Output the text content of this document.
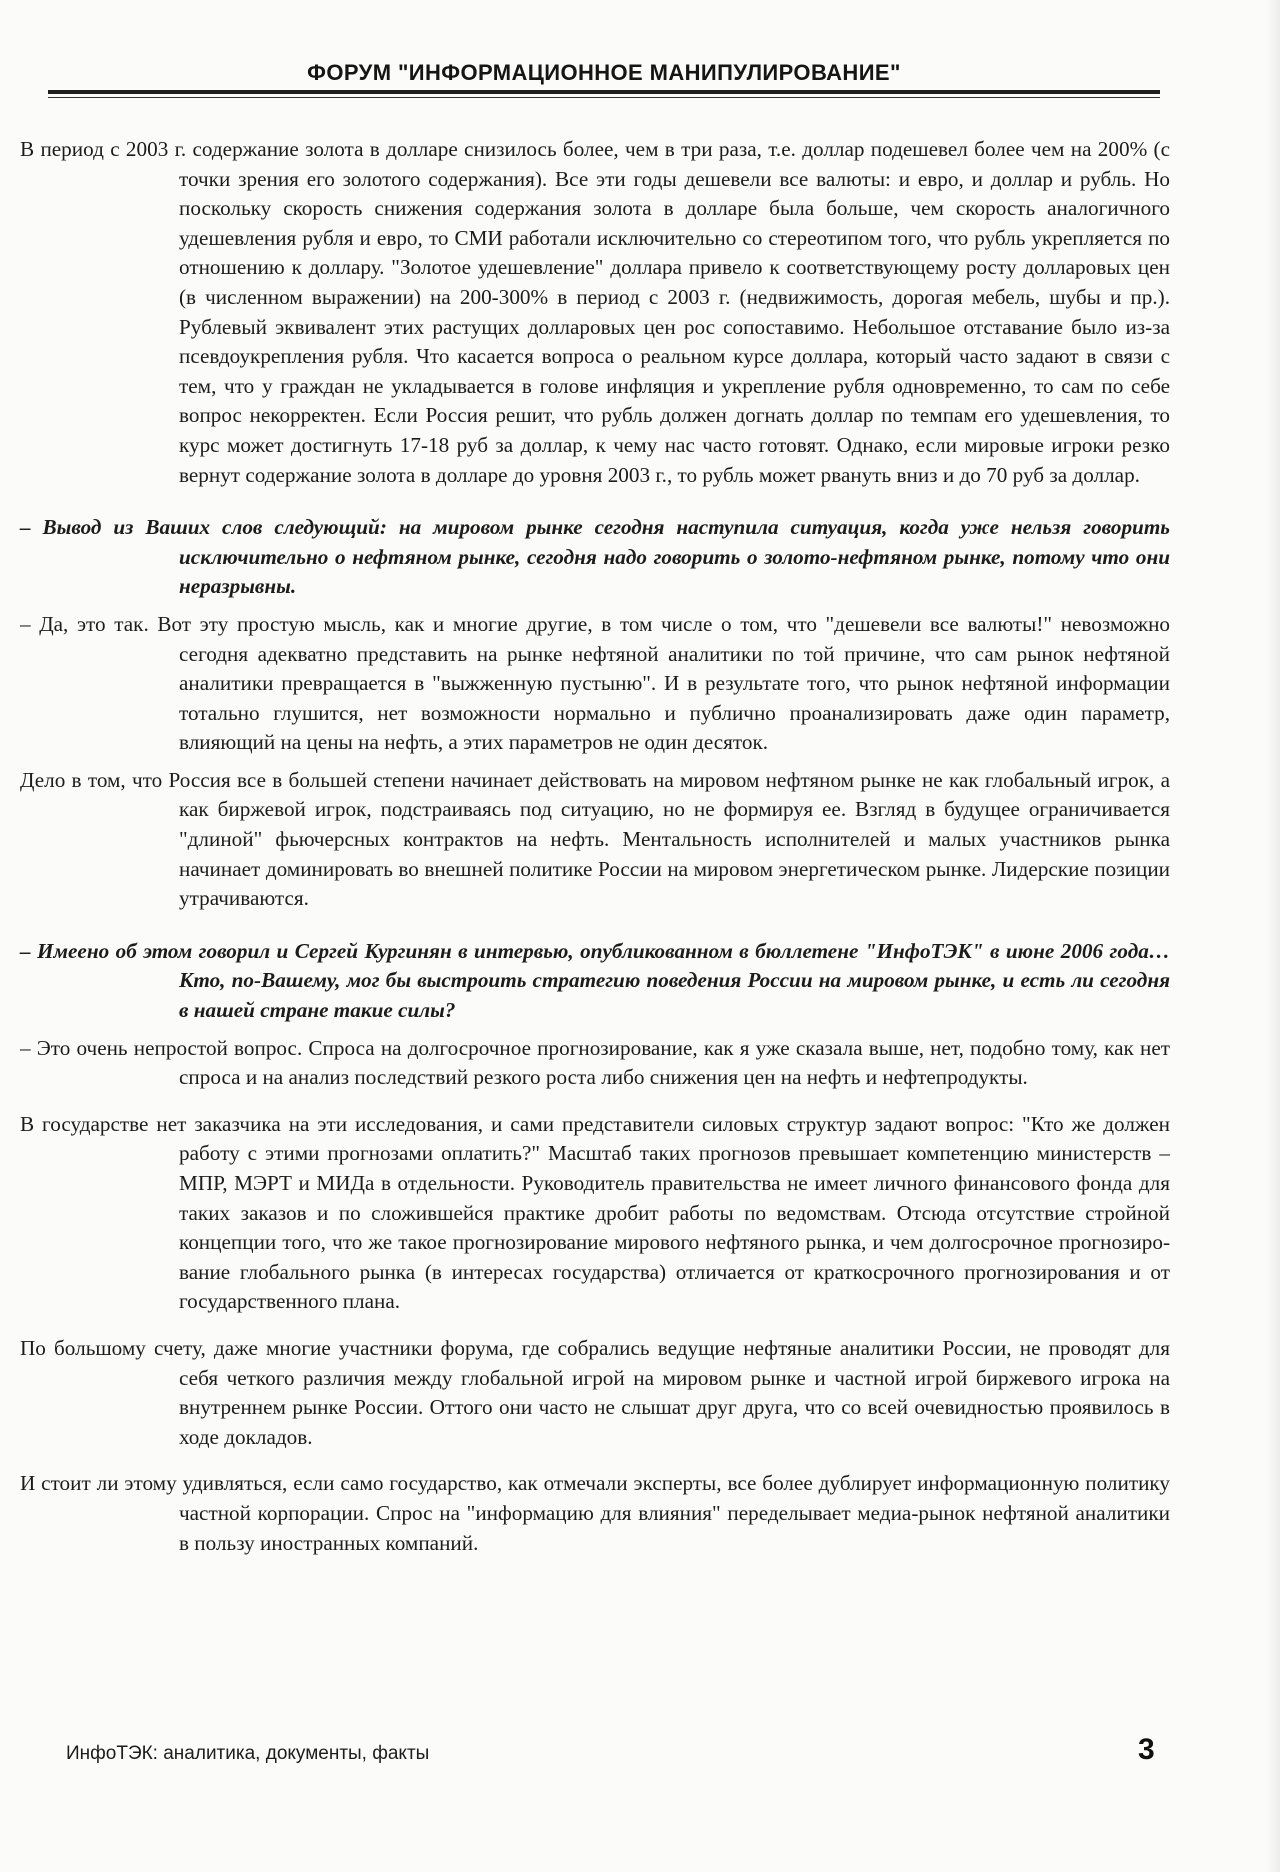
ФОРУМ "ИНФОРМАЦИОННОЕ МАНИПУЛИРОВАНИЕ"

В период с 2003 г. содержание золота в долларе снизилось более, чем в три раза, т.е. доллар подешевел более чем на 200% (с точки зрения его золотого содержания). Все эти годы дешевели все валюты: и евро, и доллар и рубль. Но поскольку скорость снижения содержания золота в долларе была больше, чем скорость аналогичного удешевления рубля и евро, то СМИ работали исключительно со стереотипом того, что рубль укрепляется по отношению к доллару. "Золотое удешевление" доллара привело к соответствующему росту долларовых цен (в численном выражении) на 200-300% в период с 2003 г. (недвижимость, дорогая мебель, шубы и пр.). Рублевый эквивалент этих растущих долларовых цен рос сопоставимо. Небольшое отставание было из-за псевдоукрепления рубля. Что касается вопроса о реальном курсе доллара, который часто задают в связи с тем, что у граждан не укладывается в голове инфляция и укрепление рубля одновременно, то сам по себе вопрос некорректен. Если Россия решит, что рубль должен догнать доллар по темпам его удешевления, то курс может достигнуть 17-18 руб за доллар, к чему нас часто готовят. Однако, если мировые игроки резко вернут содержание золота в долларе до уровня 2003 г., то рубль может рвануть вниз и до 70 руб за доллар.

– Вывод из Ваших слов следующий: на мировом рынке сегодня наступила ситуация, когда уже нельзя говорить исключительно о нефтяном рынке, сегодня надо говорить о золото-нефтяном рынке, потому что они неразрывны.

– Да, это так. Вот эту простую мысль, как и многие другие, в том числе о том, что "дешевели все валюты!" невозможно сегодня адекватно представить на рынке нефтяной аналитики по той причине, что сам рынок нефтяной аналитики превращается в "выжженную пустыню". И в результате того, что рынок нефтяной информации тотально глушится, нет возможности нормально и публично проанализировать даже один параметр, влияющий на цены на нефть, а этих параметров не один десяток.

Дело в том, что Россия все в большей степени начинает действовать на мировом нефтяном рынке не как глобальный игрок, а как биржевой игрок, подстраиваясь под ситуацию, но не формируя ее. Взгляд в будущее ограничивается "длиной" фьючерсных контрактов на нефть. Ментальность исполнителей и малых участников рынка начинает доминировать во внешней политике России на мировом энергетическом рынке. Лидерские позиции утрачиваются.

– Имеено об этом говорил и Сергей Кургинян в интервью, опубликованном в бюллетене "ИнфоТЭК" в июне 2006 года… Кто, по-Вашему, мог бы выстроить стратегию поведения России на мировом рынке, и есть ли сегодня в нашей стране такие силы?

– Это очень непростой вопрос. Спроса на долгосрочное прогнозирование, как я уже сказала выше, нет, подобно тому, как нет спроса и на анализ последствий резкого роста либо снижения цен на нефть и нефтепродукты.

В государстве нет заказчика на эти исследования, и сами представители силовых структур задают вопрос: "Кто же должен работу с этими прогнозами оплатить?" Масштаб таких прогнозов превышает компетенцию министерств – МПР, МЭРТ и МИДа в отдельности. Руководитель правительства не имеет личного финансового фонда для таких заказов и по сложившейся практике дробит работы по ведомствам. Отсюда отсутствие стройной концепции того, что же такое прогнозирование мирового нефтяного рынка, и чем долгосрочное прогнозиро-вание глобального рынка (в интересах государства) отличается от краткосрочного прогнозирования и от государственного плана.

По большому счету, даже многие участники форума, где собрались ведущие нефтяные аналитики России, не проводят для себя четкого различия между глобальной игрой на мировом рынке и частной игрой биржевого игрока на внутреннем рынке России. Оттого они часто не слышат друг друга, что со всей очевидностью проявилось в ходе докладов.

И стоит ли этому удивляться, если само государство, как отмечали эксперты, все более дублирует информационную политику частной корпорации. Спрос на "информацию для влияния" переделывает медиа-рынок нефтяной аналитики в пользу иностранных компаний.

ИнфоТЭК: аналитика, документы, факты	3
